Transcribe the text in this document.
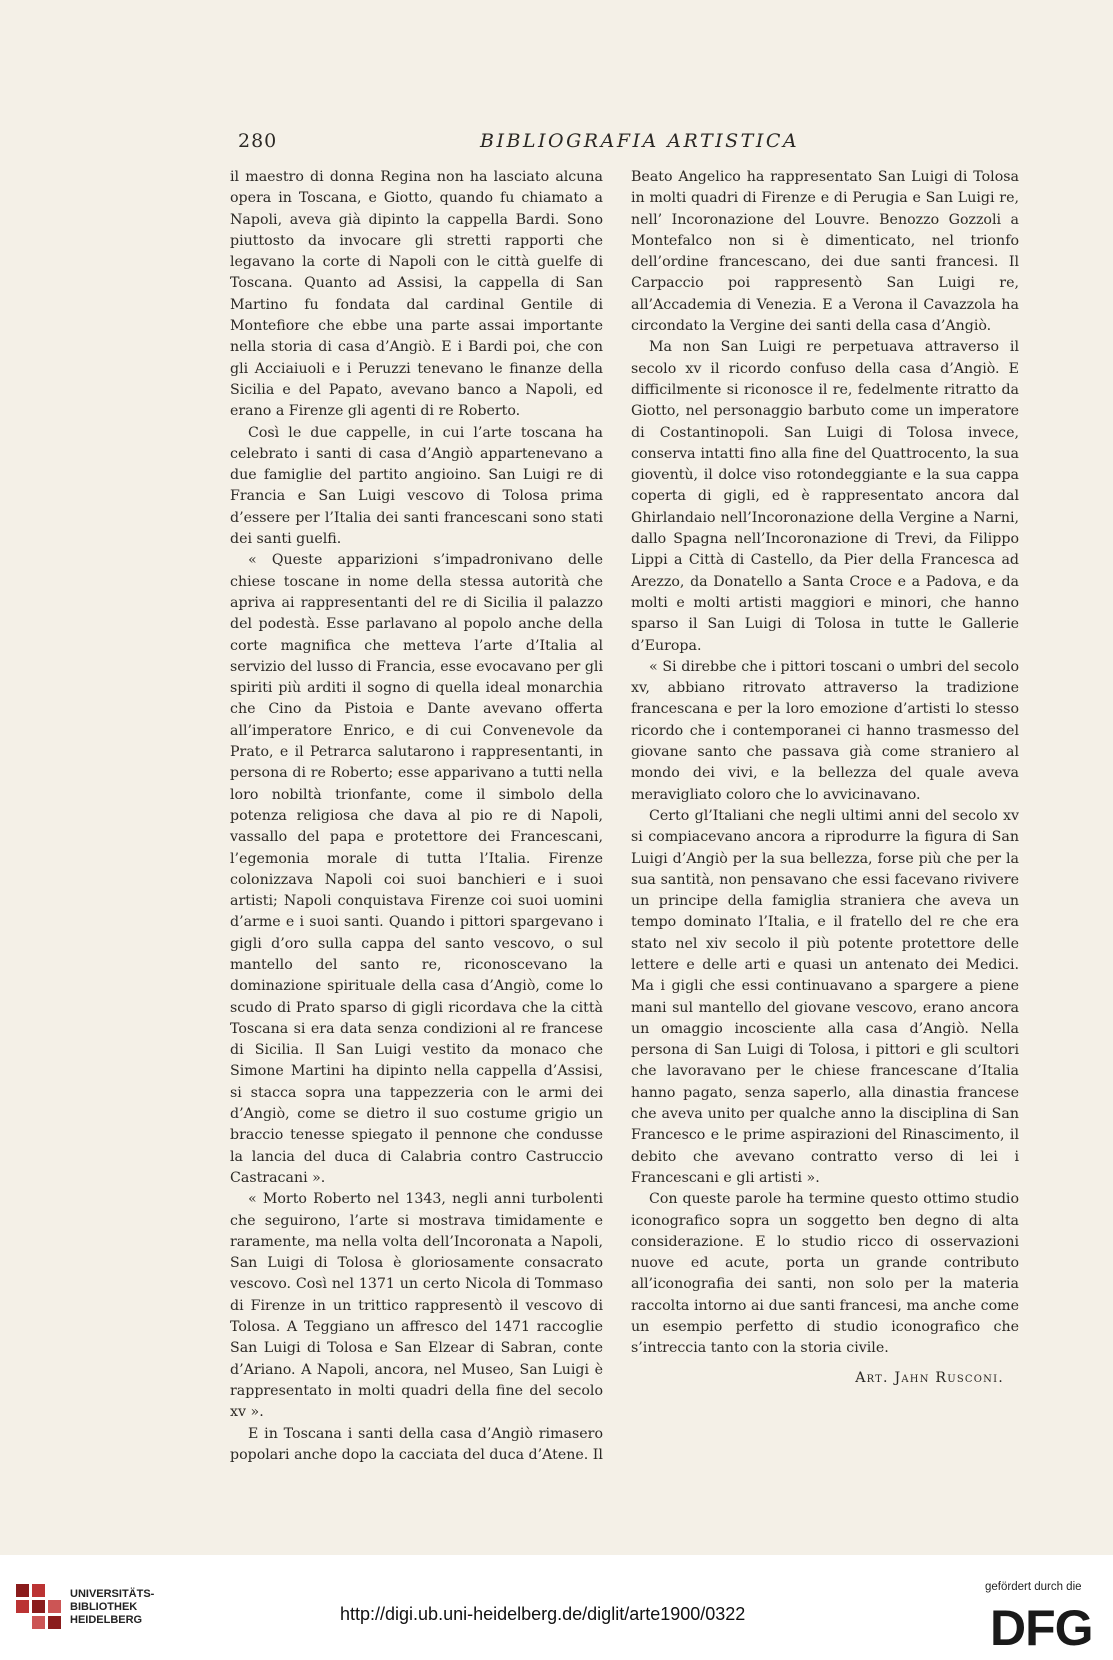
280	BIBLIOGRAFIA ARTISTICA

il maestro di donna Regina non ha lasciato alcuna opera in Toscana, e Giotto, quando fu chiamato a Napoli, aveva già dipinto la cappella Bardi. Sono piuttosto da invocare gli stretti rapporti che legavano la corte di Napoli con le città guelfe di Toscana. Quanto ad Assisi, la cappella di San Martino fu fondata dal cardinal Gentile di Montefiore che ebbe una parte assai importante nella storia di casa d’Angiò. E i Bardi poi, che con gli Acciaiuoli e i Peruzzi tenevano le finanze della Sicilia e del Papato, avevano banco a Napoli, ed erano a Firenze gli agenti di re Roberto.

Così le due cappelle, in cui l’arte toscana ha celebrato i santi di casa d’Angiò appartenevano a due famiglie del partito angioino. San Luigi re di Francia e San Luigi vescovo di Tolosa prima d’essere per l’Italia dei santi francescani sono stati dei santi guelfi.

« Queste apparizioni s’impadronivano delle chiese toscane in nome della stessa autorità che apriva ai rappresentanti del re di Sicilia il palazzo del podestà. Esse parlavano al popolo anche della corte magnifica che metteva l’arte d’Italia al servizio del lusso di Francia, esse evocavano per gli spiriti più arditi il sogno di quella ideal monarchia che Cino da Pistoia e Dante avevano offerta all’imperatore Enrico, e di cui Convenevole da Prato, e il Petrarca salutarono i rappresentanti, in persona di re Roberto; esse apparivano a tutti nella loro nobiltà trionfante, come il simbolo della potenza religiosa che dava al pio re di Napoli, vassallo del papa e protettore dei Francescani, l’egemonia morale di tutta l’Italia. Firenze colonizzava Napoli coi suoi banchieri e i suoi artisti; Napoli conquistava Firenze coi suoi uomini d’arme e i suoi santi. Quando i pittori spargevano i gigli d’oro sulla cappa del santo vescovo, o sul mantello del santo re, riconoscevano la dominazione spirituale della casa d’Angiò, come lo scudo di Prato sparso di gigli ricordava che la città Toscana si era data senza condizioni al re francese di Sicilia. Il San Luigi vestito da monaco che Simone Martini ha dipinto nella cappella d’Assisi, si stacca sopra una tappezzeria con le armi dei d’Angiò, come se dietro il suo costume grigio un braccio tenesse spiegato il pennone che condusse la lancia del duca di Calabria contro Castruccio Castracani ».

« Morto Roberto nel 1343, negli anni turbolenti che seguirono, l’arte si mostrava timidamente e raramente, ma nella volta dell’Incoronata a Napoli, San Luigi di Tolosa è gloriosamente consacrato vescovo. Così nel 1371 un certo Nicola di Tommaso di Firenze in un trittico rappresentò il vescovo di Tolosa. A Teggiano un affresco del 1471 raccoglie San Luigi di Tolosa e San Elzear di Sabran, conte d’Ariano. A Napoli, ancora, nel Museo, San Luigi è rappresentato in molti quadri della fine del secolo xv ».

E in Toscana i santi della casa d’Angiò rimasero popolari anche dopo la cacciata del duca d’Atene. Il

Beato Angelico ha rappresentato San Luigi di Tolosa in molti quadri di Firenze e di Perugia e San Luigi re, nell’ Incoronazione del Louvre. Benozzo Gozzoli a Montefalco non si è dimenticato, nel trionfo dell’ordine francescano, dei due santi francesi. Il Carpaccio poi rappresentò San Luigi re, all’Accademia di Venezia. E a Verona il Cavazzola ha circondato la Vergine dei santi della casa d’Angiò.

Ma non San Luigi re perpetuava attraverso il secolo xv il ricordo confuso della casa d’Angiò. E difficilmente si riconosce il re, fedelmente ritratto da Giotto, nel personaggio barbuto come un imperatore di Costantinopoli. San Luigi di Tolosa invece, conserva intatti fino alla fine del Quattrocento, la sua gioventù, il dolce viso rotondeggiante e la sua cappa coperta di gigli, ed è rappresentato ancora dal Ghirlandaio nell’Incoronazione della Vergine a Narni, dallo Spagna nell’Incoronazione di Trevi, da Filippo Lippi a Città di Castello, da Pier della Francesca ad Arezzo, da Donatello a Santa Croce e a Padova, e da molti e molti artisti maggiori e minori, che hanno sparso il San Luigi di Tolosa in tutte le Gallerie d’Europa.

« Si direbbe che i pittori toscani o umbri del secolo xv, abbiano ritrovato attraverso la tradizione francescana e per la loro emozione d’artisti lo stesso ricordo che i contemporanei ci hanno trasmesso del giovane santo che passava già come straniero al mondo dei vivi, e la bellezza del quale aveva meravigliato coloro che lo avvicinavano.

Certo gl’Italiani che negli ultimi anni del secolo xv si compiacevano ancora a riprodurre la figura di San Luigi d’Angiò per la sua bellezza, forse più che per la sua santità, non pensavano che essi facevano rivivere un principe della famiglia straniera che aveva un tempo dominato l’Italia, e il fratello del re che era stato nel xiv secolo il più potente protettore delle lettere e delle arti e quasi un antenato dei Medici. Ma i gigli che essi continuavano a spargere a piene mani sul mantello del giovane vescovo, erano ancora un omaggio incosciente alla casa d’Angiò. Nella persona di San Luigi di Tolosa, i pittori e gli scultori che lavoravano per le chiese francescane d’Italia hanno pagato, senza saperlo, alla dinastia francese che aveva unito per qualche anno la disciplina di San Francesco e le prime aspirazioni del Rinascimento, il debito che avevano contratto verso di lei i Francescani e gli artisti ».

Con queste parole ha termine questo ottimo studio iconografico sopra un soggetto ben degno di alta considerazione. E lo studio ricco di osservazioni nuove ed acute, porta un grande contributo all’iconografia dei santi, non solo per la materia raccolta intorno ai due santi francesi, ma anche come un esempio perfetto di studio iconografico che s’intreccia tanto con la storia civile.

Art. Jahn Rusconi.
UNIVERSITÄTS-
BIBLIOTHEK
HEIDELBERG	http://digi.ub.uni-heidelberg.de/diglit/arte1900/0322
gefördert durch die
DFG
